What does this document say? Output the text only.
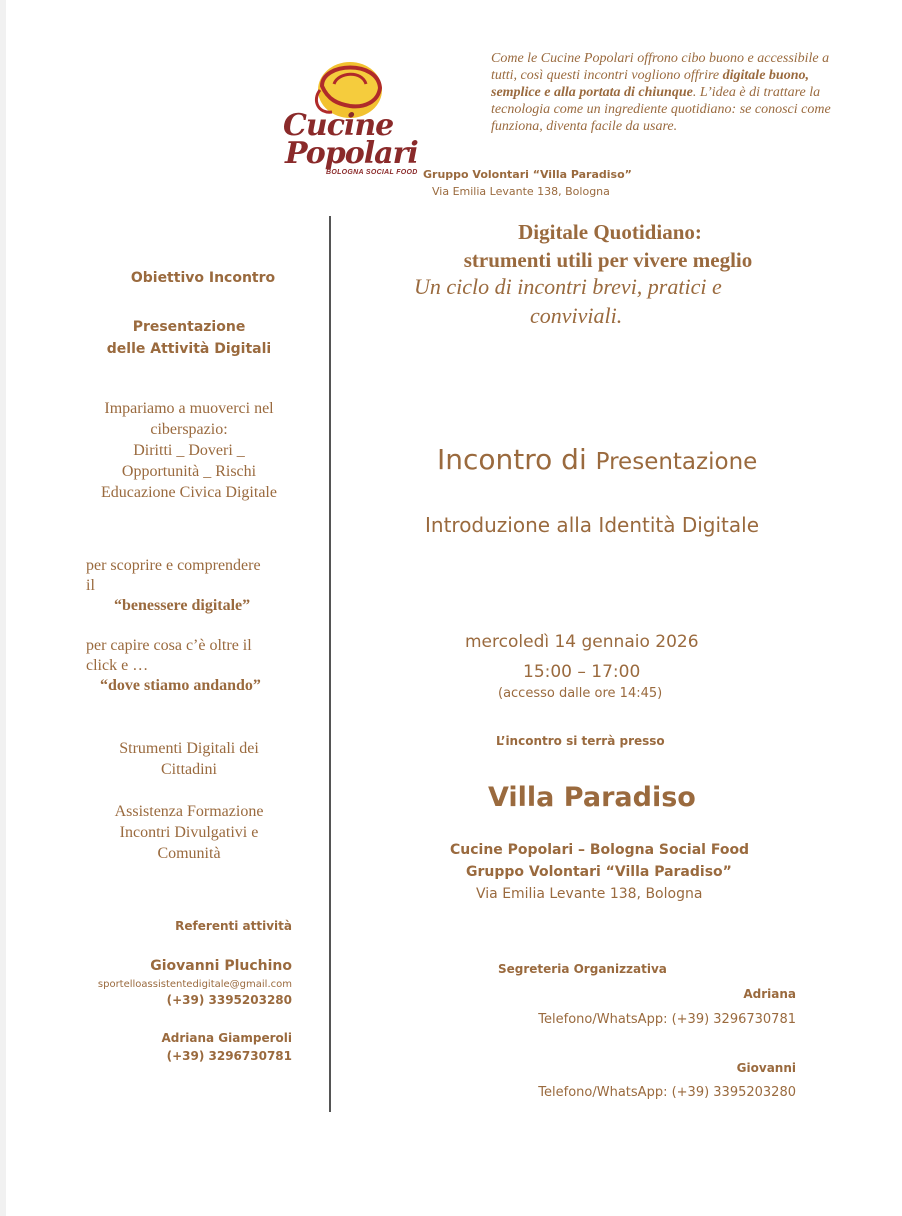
Cucine
Popolari
BOLOGNA SOCIAL FOOD
Come le Cucine Popolari offrono cibo buono e accessibile a tutti, così questi incontri vogliono offrire digitale buono, semplice e alla portata di chiunque. L’idea è di trattare la tecnologia come un ingrediente quotidiano: se conosci come funziona, diventa facile da usare.
Gruppo Volontari “Villa Paradiso”
Via Emilia Levante 138, Bologna
Digitale Quotidiano:
strumenti utili per vivere meglio
Un ciclo di incontri brevi, pratici e
conviviali.
Obiettivo Incontro
Presentazione
delle Attività Digitali
Impariamo a muoverci nel
ciberspazio:
Diritti _ Doveri _
Opportunità _ Rischi
Educazione Civica Digitale
per scoprire e comprendere
il
“benessere digitale”
per capire cosa c’è oltre il
click e …
“dove stiamo andando”
Strumenti Digitali dei
Cittadini
Assistenza Formazione
Incontri Divulgativi e
Comunità
Referenti attività
Giovanni Pluchino
sportelloassistentedigitale@gmail.com
(+39) 3395203280
Adriana Giamperoli
(+39) 3296730781
Incontro di Presentazione
Introduzione alla Identità Digitale
mercoledì 14 gennaio 2026
15:00 – 17:00
(accesso dalle ore 14:45)
L’incontro si terrà presso
Villa Paradiso
Cucine Popolari – Bologna Social Food
Gruppo Volontari “Villa Paradiso”
Via Emilia Levante 138, Bologna
Segreteria Organizzativa
Adriana
Telefono/WhatsApp: (+39) 3296730781
Giovanni
Telefono/WhatsApp: (+39) 3395203280
